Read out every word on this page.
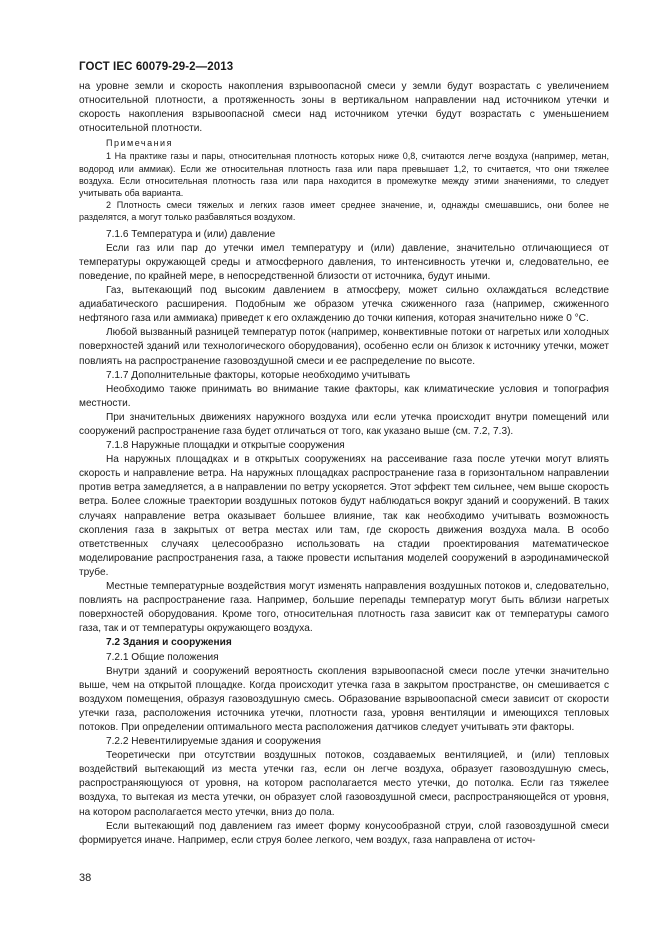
ГОСТ IEC 60079-29-2—2013

на уровне земли и скорость накопления взрывоопасной смеси у земли будут возрастать с увеличением относительной плотности, а протяженность зоны в вертикальном направлении над источником утечки и скорость накопления взрывоопасной смеси над источником утечки будут возрастать с уменьшением относительной плотности.

Примечания

1 На практике газы и пары, относительная плотность которых ниже 0,8, считаются легче воздуха (например, метан, водород или аммиак). Если же относительная плотность газа или пара превышает 1,2, то считается, что они тяжелее воздуха. Если относительная плотность газа или пара находится в промежутке между этими значениями, то следует учитывать оба варианта.

2 Плотность смеси тяжелых и легких газов имеет среднее значение, и, однажды смешавшись, они более не разделятся, а могут только разбавляться воздухом.

7.1.6 Температура и (или) давление

Если газ или пар до утечки имел температуру и (или) давление, значительно отличающиеся от температуры окружающей среды и атмосферного давления, то интенсивность утечки и, следовательно, ее поведение, по крайней мере, в непосредственной близости от источника, будут иными.

Газ, вытекающий под высоким давлением в атмосферу, может сильно охлаждаться вследствие адиабатического расширения. Подобным же образом утечка сжиженного газа (например, сжиженного нефтяного газа или аммиака) приведет к его охлаждению до точки кипения, которая значительно ниже 0 °С.

Любой вызванный разницей температур поток (например, конвективные потоки от нагретых или холодных поверхностей зданий или технологического оборудования), особенно если он близок к источнику утечки, может повлиять на распространение газовоздушной смеси и ее распределение по высоте.

7.1.7 Дополнительные факторы, которые необходимо учитывать

Необходимо также принимать во внимание такие факторы, как климатические условия и топография местности.

При значительных движениях наружного воздуха или если утечка происходит внутри помещений или сооружений распространение газа будет отличаться от того, как указано выше (см. 7.2, 7.3).

7.1.8 Наружные площадки и открытые сооружения

На наружных площадках и в открытых сооружениях на рассеивание газа после утечки могут влиять скорость и направление ветра. На наружных площадках распространение газа в горизонтальном направлении против ветра замедляется, а в направлении по ветру ускоряется. Этот эффект тем сильнее, чем выше скорость ветра. Более сложные траектории воздушных потоков будут наблюдаться вокруг зданий и сооружений. В таких случаях направление ветра оказывает большее влияние, так как необходимо учитывать возможность скопления газа в закрытых от ветра местах или там, где скорость движения воздуха мала. В особо ответственных случаях целесообразно использовать на стадии проектирования математическое моделирование распространения газа, а также провести испытания моделей сооружений в аэродинамической трубе.

Местные температурные воздействия могут изменять направления воздушных потоков и, следовательно, повлиять на распространение газа. Например, большие перепады температур могут быть вблизи нагретых поверхностей оборудования. Кроме того, относительная плотность газа зависит как от температуры самого газа, так и от температуры окружающего воздуха.

7.2 Здания и сооружения

7.2.1 Общие положения

Внутри зданий и сооружений вероятность скопления взрывоопасной смеси после утечки значительно выше, чем на открытой площадке. Когда происходит утечка газа в закрытом пространстве, он смешивается с воздухом помещения, образуя газовоздушную смесь. Образование взрывоопасной смеси зависит от скорости утечки газа, расположения источника утечки, плотности газа, уровня вентиляции и имеющихся тепловых потоков. При определении оптимального места расположения датчиков следует учитывать эти факторы.

7.2.2 Невентилируемые здания и сооружения

Теоретически при отсутствии воздушных потоков, создаваемых вентиляцией, и (или) тепловых воздействий вытекающий из места утечки газ, если он легче воздуха, образует газовоздушную смесь, распространяющуюся от уровня, на котором располагается место утечки, до потолка. Если газ тяжелее воздуха, то вытекая из места утечки, он образует слой газовоздушной смеси, распространяющейся от уровня, на котором располагается место утечки, вниз до пола.

Если вытекающий под давлением газ имеет форму конусообразной струи, слой газовоздушной смеси формируется иначе. Например, если струя более легкого, чем воздух, газа направлена от источ-

38
